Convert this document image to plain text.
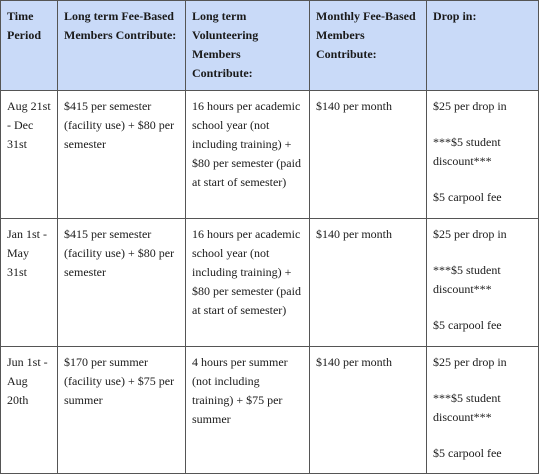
Time Period	Long term Fee-Based Members Contribute:	Long term Volunteering Members Contribute:	Monthly Fee-Based Members Contribute:	Drop in:
Aug 21st - Dec 31st	$415 per semester (facility use) + $80 per semester	16 hours per academic school year (not including training) + $80 per semester (paid at start of semester)	$140 per month	$25 per drop in
***$5 student discount***
$5 carpool fee

Jan 1st - May 31st	$415 per semester (facility use) + $80 per semester	16 hours per academic school year (not including training) + $80 per semester (paid at start of semester)	$140 per month	$25 per drop in
***$5 student discount***
$5 carpool fee

Jun 1st - Aug 20th	$170 per summer (facility use) + $75 per summer	4 hours per summer (not including training) + $75 per summer	$140 per month	$25 per drop in
***$5 student discount***
$5 carpool fee
